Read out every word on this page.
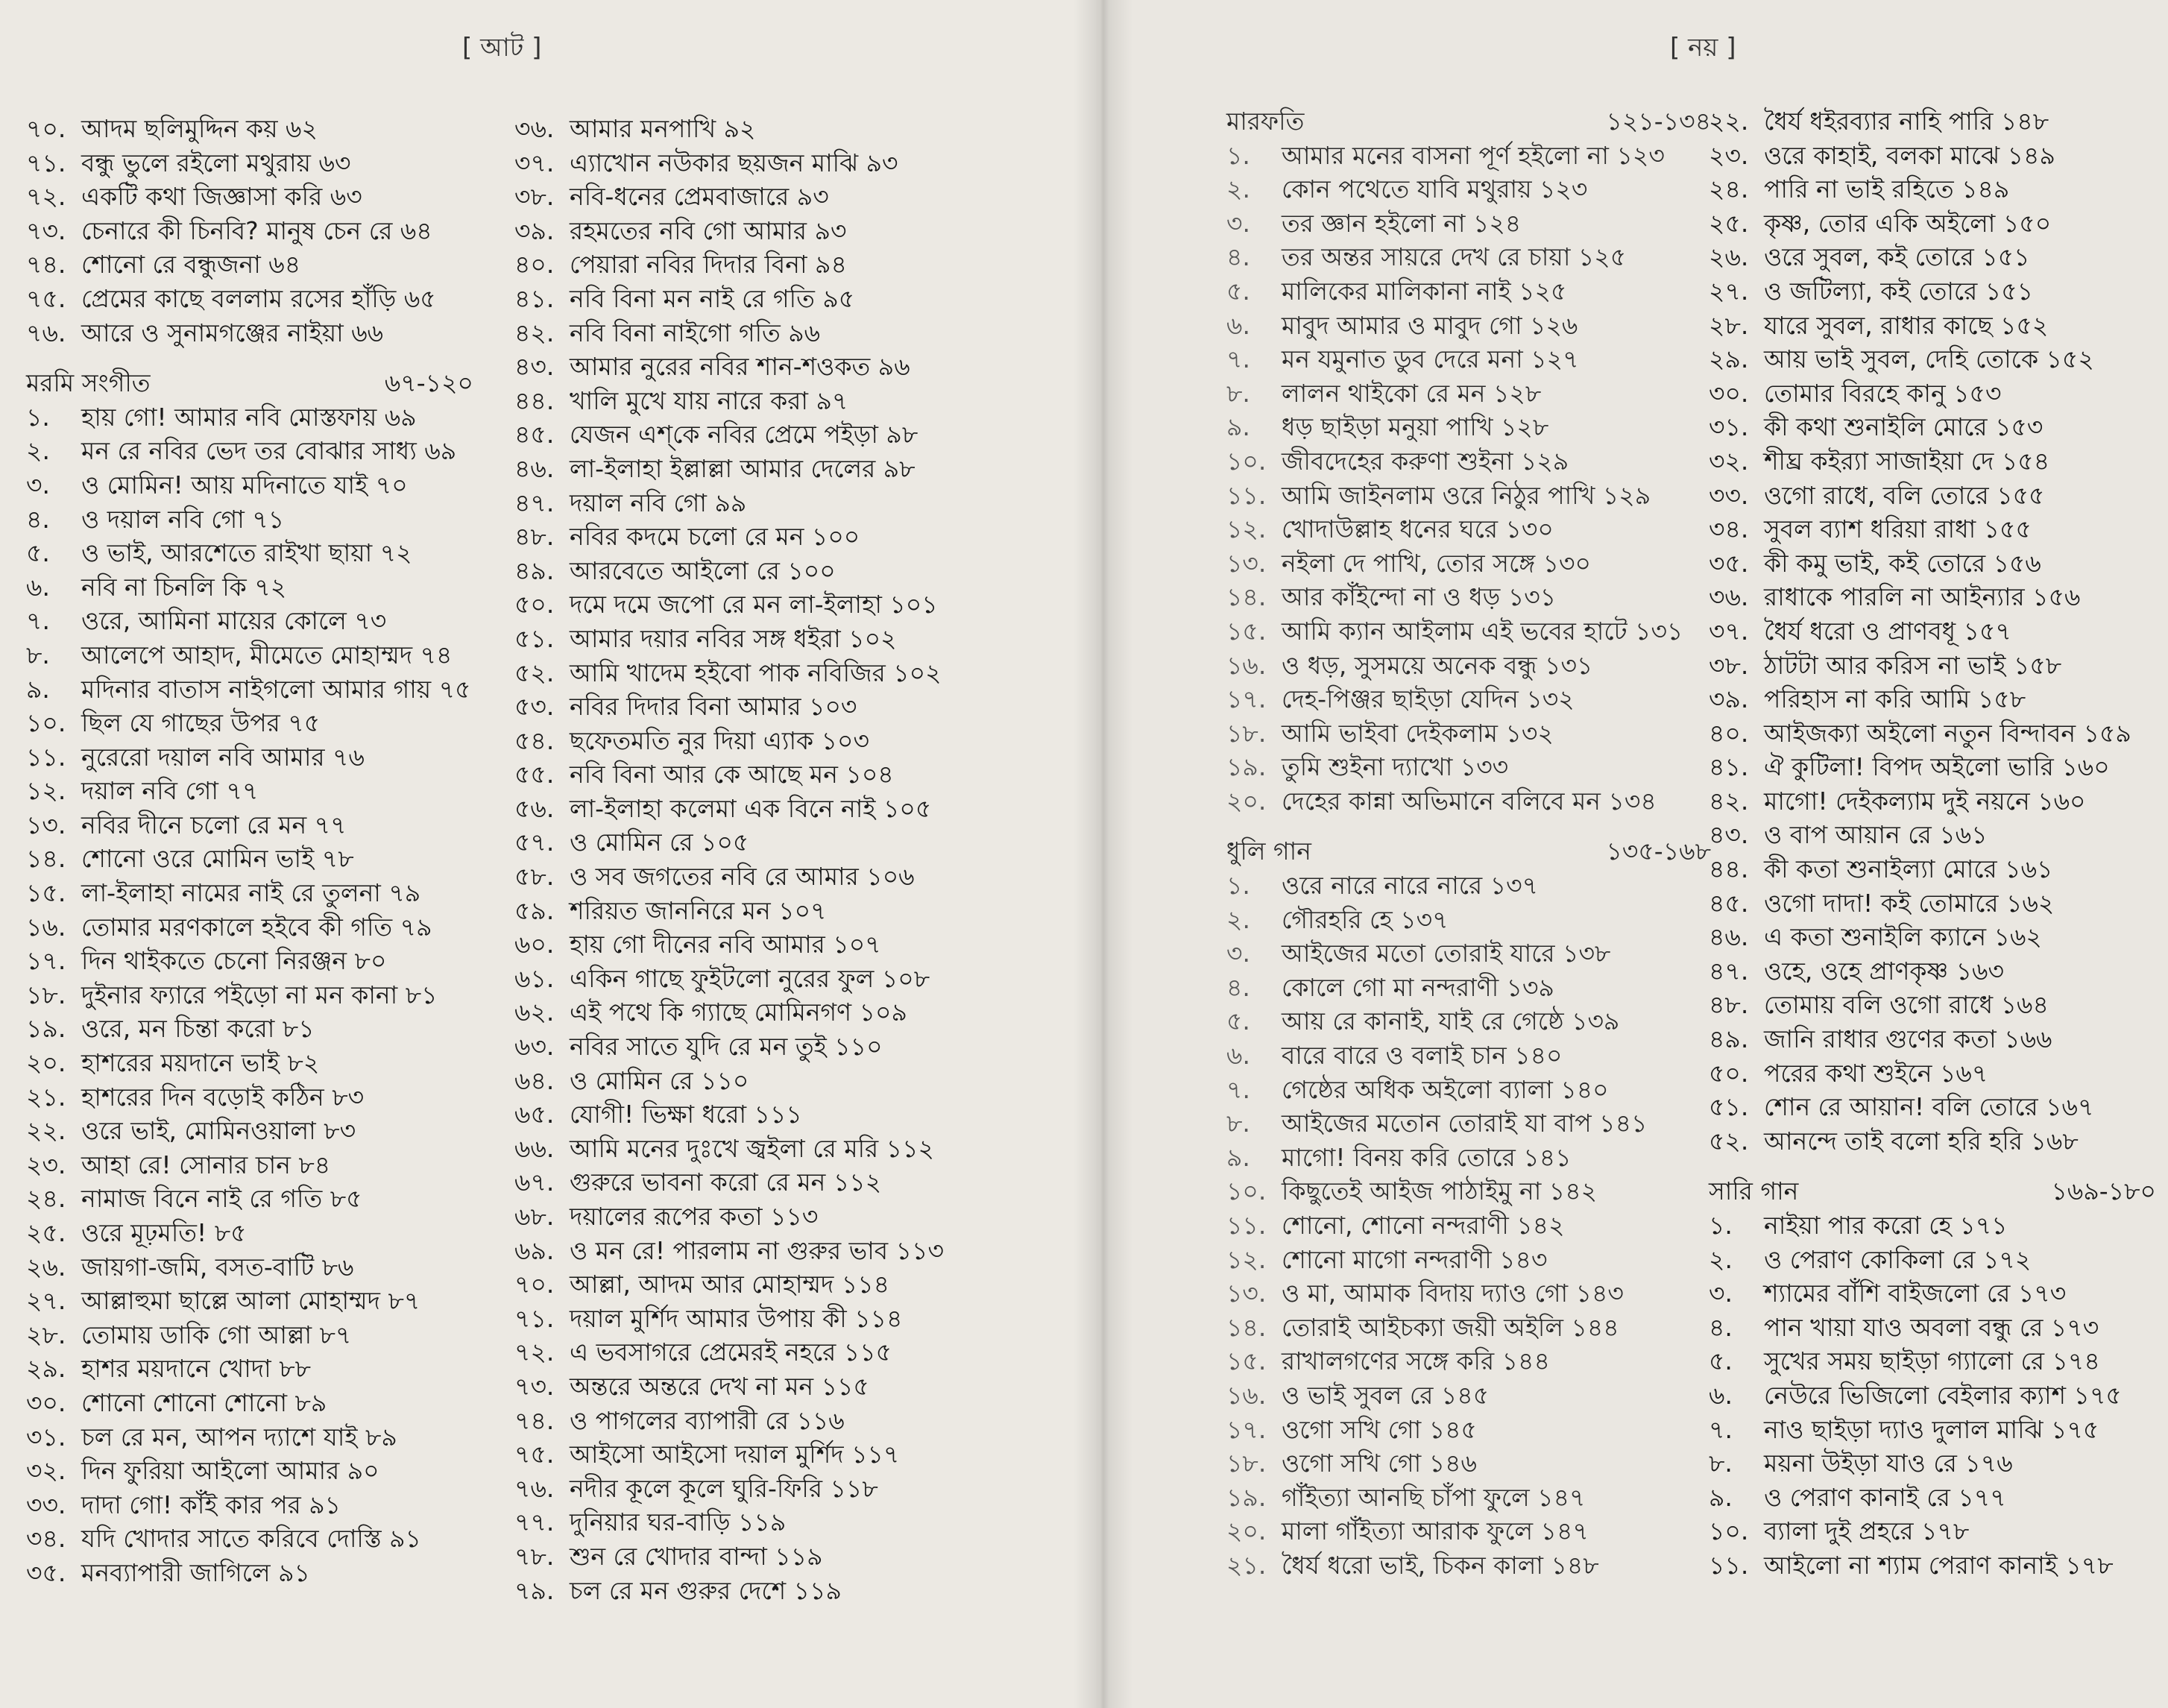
[ আট ]
৭০. আদম ছলিমুদ্দিন কয় ৬২
৭১. বন্ধু ভুলে রইলো মথুরায় ৬৩
৭২. একটি কথা জিজ্ঞাসা করি ৬৩
৭৩. চেনারে কী চিনবি? মানুষ চেন রে ৬৪
৭৪. শোনো রে বন্ধুজনা ৬৪
৭৫. প্রেমের কাছে বললাম রসের হাঁড়ি ৬৫
৭৬. আরে ও সুনামগঞ্জের নাইয়া ৬৬
মরমি সংগীত	৬৭-১২০
১.	হায় গো! আমার নবি মোস্তফায় ৬৯
২.	মন রে নবির ভেদ তর বোঝার সাধ্য ৬৯
৩.	ও মোমিন! আয় মদিনাতে যাই ৭০
৪.	ও দয়াল নবি গো ৭১
৫.	ও ভাই, আরশেতে রাইখা ছায়া ৭২
৬.	নবি না চিনলি কি ৭২
৭.	ওরে, আমিনা মায়ের কোলে ৭৩
৮.	আলেপে আহাদ, মীমেতে মোহাম্মদ ৭৪
৯.	মদিনার বাতাস নাইগলো আমার গায় ৭৫
১০. ছিল যে গাছের উপর ৭৫
১১. নুরেরো দয়াল নবি আমার ৭৬
১২. দয়াল নবি গো ৭৭
১৩. নবির দীনে চলো রে মন ৭৭
১৪. শোনো ওরে মোমিন ভাই ৭৮
১৫. লা-ইলাহা নামের নাই রে তুলনা ৭৯
১৬. তোমার মরণকালে হইবে কী গতি ৭৯
১৭. দিন থাইকতে চেনো নিরঞ্জন ৮০
১৮. দুইনার ফ্যারে পইড়ো না মন কানা ৮১
১৯. ওরে, মন চিন্তা করো ৮১
২০. হাশরের ময়দানে ভাই ৮২
২১. হাশরের দিন বড়োই কঠিন ৮৩
২২. ওরে ভাই, মোমিনওয়ালা ৮৩
২৩. আহা রে! সোনার চান ৮৪
২৪. নামাজ বিনে নাই রে গতি ৮৫
২৫. ওরে মূঢ়মতি! ৮৫
২৬. জায়গা-জমি, বসত-বাটি ৮৬
২৭. আল্লাহুমা ছাল্লে আলা মোহাম্মদ ৮৭
২৮. তোমায় ডাকি গো আল্লা ৮৭
২৯. হাশর ময়দানে খোদা ৮৮
৩০. শোনো শোনো শোনো ৮৯
৩১. চল রে মন, আপন দ্যাশে যাই ৮৯
৩২. দিন ফুরিয়া আইলো আমার ৯০
৩৩. দাদা গো! কাঁই কার পর ৯১
৩৪. যদি খোদার সাতে করিবে দোস্তি ৯১
৩৫. মনব্যাপারী জাগিলে ৯১
৩৬. আমার মনপাখি ৯২
৩৭. এ্যাখোন নউকার ছয়জন মাঝি ৯৩
৩৮. নবি-ধনের প্রেমবাজারে ৯৩
৩৯. রহমতের নবি গো আমার ৯৩
৪০. পেয়ারা নবির দিদার বিনা ৯৪
৪১. নবি বিনা মন নাই রে গতি ৯৫
৪২. নবি বিনা নাইগো গতি ৯৬
৪৩. আমার নুরের নবির শান-শওকত ৯৬
৪৪. খালি মুখে যায় নারে করা ৯৭
৪৫. যেজন এশ্‌কে নবির প্রেমে পইড়া ৯৮
৪৬. লা-ইলাহা ইল্লাল্লা আমার দেলের ৯৮
৪৭. দয়াল নবি গো ৯৯
৪৮. নবির কদমে চলো রে মন ১০০
৪৯. আরবেতে আইলো রে ১০০
৫০. দমে দমে জপো রে মন লা-ইলাহা ১০১
৫১. আমার দয়ার নবির সঙ্গ ধইরা ১০২
৫২. আমি খাদেম হইবো পাক নবিজির ১০২
৫৩. নবির দিদার বিনা আমার ১০৩
৫৪. ছফেতমতি নুর দিয়া এ্যাক ১০৩
৫৫. নবি বিনা আর কে আছে মন ১০৪
৫৬. লা-ইলাহা কলেমা এক বিনে নাই ১০৫
৫৭. ও মোমিন রে ১০৫
৫৮. ও সব জগতের নবি রে আমার ১০৬
৫৯. শরিয়ত জাননিরে মন ১০৭
৬০. হায় গো দীনের নবি আমার ১০৭
৬১. একিন গাছে ফুইটলো নুরের ফুল ১০৮
৬২. এই পথে কি গ্যাছে মোমিনগণ ১০৯
৬৩. নবির সাতে যুদি রে মন তুই ১১০
৬৪. ও মোমিন রে ১১০
৬৫. যোগী! ভিক্ষা ধরো ১১১
৬৬. আমি মনের দুঃখে জ্বইলা রে মরি ১১২
৬৭. গুরুরে ভাবনা করো রে মন ১১২
৬৮. দয়ালের রূপের কতা ১১৩
৬৯. ও মন রে! পারলাম না গুরুর ভাব ১১৩
৭০. আল্লা, আদম আর মোহাম্মদ ১১৪
৭১. দয়াল মুর্শিদ আমার উপায় কী ১১৪
৭২. এ ভবসাগরে প্রেমেরই নহরে ১১৫
৭৩. অন্তরে অন্তরে দেখ না মন ১১৫
৭৪. ও পাগলের ব্যাপারী রে ১১৬
৭৫. আইসো আইসো দয়াল মুর্শিদ ১১৭
৭৬. নদীর কূলে কূলে ঘুরি-ফিরি ১১৮
৭৭. দুনিয়ার ঘর-বাড়ি ১১৯
৭৮. শুন রে খোদার বান্দা ১১৯
৭৯. চল রে মন গুরুর দেশে ১১৯
[ নয় ]
মারফতি	১২১-১৩৪
১.	আমার মনের বাসনা পূর্ণ হইলো না ১২৩
২.	কোন পথেতে যাবি মথুরায় ১২৩
৩.	তর জ্ঞান হইলো না ১২৪
৪.	তর অন্তর সায়রে দেখ রে চায়া ১২৫
৫.	মালিকের মালিকানা নাই ১২৫
৬.	মাবুদ আমার ও মাবুদ গো ১২৬
৭.	মন যমুনাত ডুব দেরে মনা ১২৭
৮.	লালন থাইকো রে মন ১২৮
৯.	ধড় ছাইড়া মনুয়া পাখি ১২৮
১০. জীবদেহের করুণা শুইনা ১২৯
১১. আমি জাইনলাম ওরে নিঠুর পাখি ১২৯
১২. খোদাউল্লাহ ধনের ঘরে ১৩০
১৩. নইলা দে পাখি, তোর সঙ্গে ১৩০
১৪. আর কাঁইন্দো না ও ধড় ১৩১
১৫. আমি ক্যান আইলাম এই ভবের হাটে ১৩১
১৬. ও ধড়, সুসময়ে অনেক বন্ধু ১৩১
১৭. দেহ-পিঞ্জর ছাইড়া যেদিন ১৩২
১৮. আমি ভাইবা দেইকলাম ১৩২
১৯. তুমি শুইনা দ্যাখো ১৩৩
২০. দেহের কান্না অভিমানে বলিবে মন ১৩৪
ধুলি গান	১৩৫-১৬৮
১.	ওরে নারে নারে নারে ১৩৭
২.	গৌরহরি হে ১৩৭
৩.	আইজের মতো তোরাই যারে ১৩৮
৪.	কোলে গো মা নন্দরাণী ১৩৯
৫.	আয় রে কানাই, যাই রে গেষ্ঠে ১৩৯
৬.	বারে বারে ও বলাই চান ১৪০
৭.	গেষ্ঠের অধিক অইলো ব্যালা ১৪০
৮.	আইজের মতোন তোরাই যা বাপ ১৪১
৯.	মাগো! বিনয় করি তোরে ১৪১
১০. কিছুতেই আইজ পাঠাইমু না ১৪২
১১. শোনো, শোনো নন্দরাণী ১৪২
১২. শোনো মাগো নন্দরাণী ১৪৩
১৩. ও মা, আমাক বিদায় দ্যাও গো ১৪৩
১৪. তোরাই আইচক্যা জয়ী অইলি ১৪৪
১৫. রাখালগণের সঙ্গে করি ১৪৪
১৬. ও ভাই সুবল রে ১৪৫
১৭. ওগো সখি গো ১৪৫
১৮. ওগো সখি গো ১৪৬
১৯. গাঁইত্যা আনছি চাঁপা ফুলে ১৪৭
২০. মালা গাঁইত্যা আরাক ফুলে ১৪৭
২১. ধৈর্য ধরো ভাই, চিকন কালা ১৪৮
২২. ধৈর্য ধইরব্যার নাহি পারি ১৪৮
২৩. ওরে কাহাই, বলকা মাঝে ১৪৯
২৪. পারি না ভাই রহিতে ১৪৯
২৫. কৃষ্ণ, তোর একি অইলো ১৫০
২৬. ওরে সুবল, কই তোরে ১৫১
২৭. ও জটিল্যা, কই তোরে ১৫১
২৮. যারে সুবল, রাধার কাছে ১৫২
২৯. আয় ভাই সুবল, দেহি তোকে ১৫২
৩০. তোমার বিরহে কানু ১৫৩
৩১. কী কথা শুনাইলি মোরে ১৫৩
৩২. শীঘ্র কইর‍্যা সাজাইয়া দে ১৫৪
৩৩. ওগো রাধে, বলি তোরে ১৫৫
৩৪. সুবল ব্যাশ ধরিয়া রাধা ১৫৫
৩৫. কী কমু ভাই, কই তোরে ১৫৬
৩৬. রাধাকে পারলি না আইন্যার ১৫৬
৩৭. ধৈর্য ধরো ও প্রাণবধূ ১৫৭
৩৮. ঠাটটা আর করিস না ভাই ১৫৮
৩৯. পরিহাস না করি আমি ১৫৮
৪০. আইজক্যা অইলো নতুন বিন্দাবন ১৫৯
৪১. ঐ কুটিলা! বিপদ অইলো ভারি ১৬০
৪২. মাগো! দেইকল্যাম দুই নয়নে ১৬০
৪৩. ও বাপ আয়ান রে ১৬১
৪৪. কী কতা শুনাইল্যা মোরে ১৬১
৪৫. ওগো দাদা! কই তোমারে ১৬২
৪৬. এ কতা শুনাইলি ক্যানে ১৬২
৪৭. ওহে, ওহে প্রাণকৃষ্ণ ১৬৩
৪৮. তোমায় বলি ওগো রাধে ১৬৪
৪৯. জানি রাধার গুণের কতা ১৬৬
৫০. পরের কথা শুইনে ১৬৭
৫১. শোন রে আয়ান! বলি তোরে ১৬৭
৫২. আনন্দে তাই বলো হরি হরি ১৬৮
সারি গান	১৬৯-১৮০
১.	নাইয়া পার করো হে ১৭১
২.	ও পেরাণ কোকিলা রে ১৭২
৩.	শ্যামের বাঁশি বাইজলো রে ১৭৩
৪.	পান খায়া যাও অবলা বন্ধু রে ১৭৩
৫.	সুখের সময় ছাইড়া গ্যালো রে ১৭৪
৬.	নেউরে ভিজিলো বেইলার ক্যাশ ১৭৫
৭.	নাও ছাইড়া দ্যাও দুলাল মাঝি ১৭৫
৮.	ময়না উইড়া যাও রে ১৭৬
৯.	ও পেরাণ কানাই রে ১৭৭
১০. ব্যালা দুই প্রহরে ১৭৮
১১. আইলো না শ্যাম পেরাণ কানাই ১৭৮
